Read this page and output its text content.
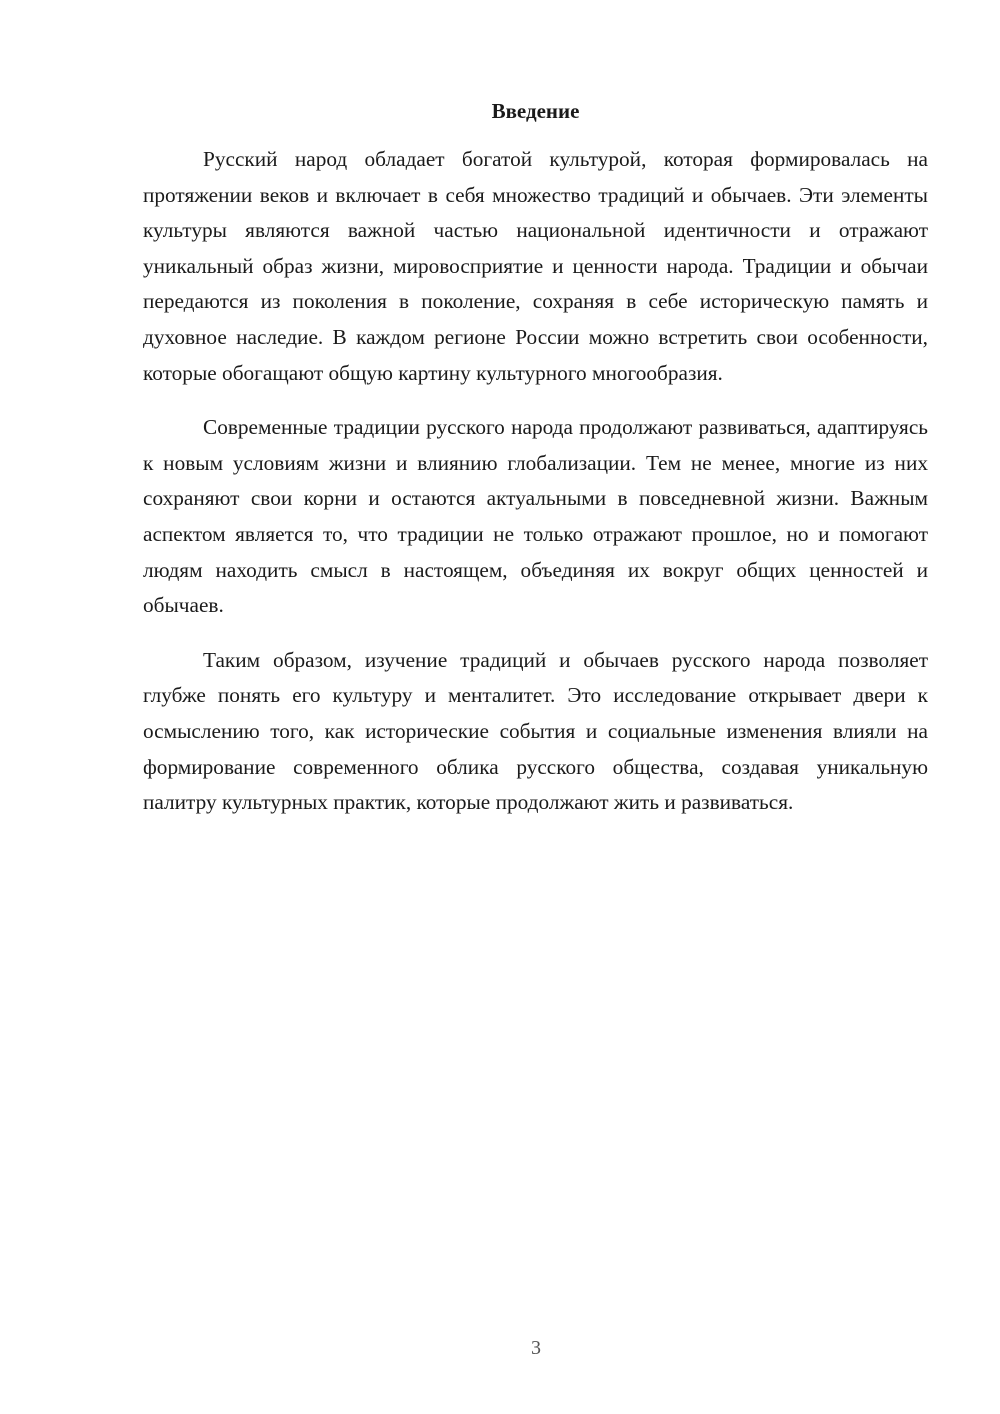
Введение

Русский народ обладает богатой культурой, которая формировалась на протяжении веков и включает в себя множество традиций и обычаев. Эти элементы культуры являются важной частью национальной идентичности и отражают уникальный образ жизни, мировосприятие и ценности народа. Традиции и обычаи передаются из поколения в поколение, сохраняя в себе историческую память и духовное наследие. В каждом регионе России можно встретить свои особенности, которые обогащают общую картину культурного многообразия.

Современные традиции русского народа продолжают развиваться, адаптируясь к новым условиям жизни и влиянию глобализации. Тем не менее, многие из них сохраняют свои корни и остаются актуальными в повседневной жизни. Важным аспектом является то, что традиции не только отражают прошлое, но и помогают людям находить смысл в настоящем, объединяя их вокруг общих ценностей и обычаев.

Таким образом, изучение традиций и обычаев русского народа позволяет глубже понять его культуру и менталитет. Это исследование открывает двери к осмыслению того, как исторические события и социальные изменения влияли на формирование современного облика русского общества, создавая уникальную палитру культурных практик, которые продолжают жить и развиваться.

3
